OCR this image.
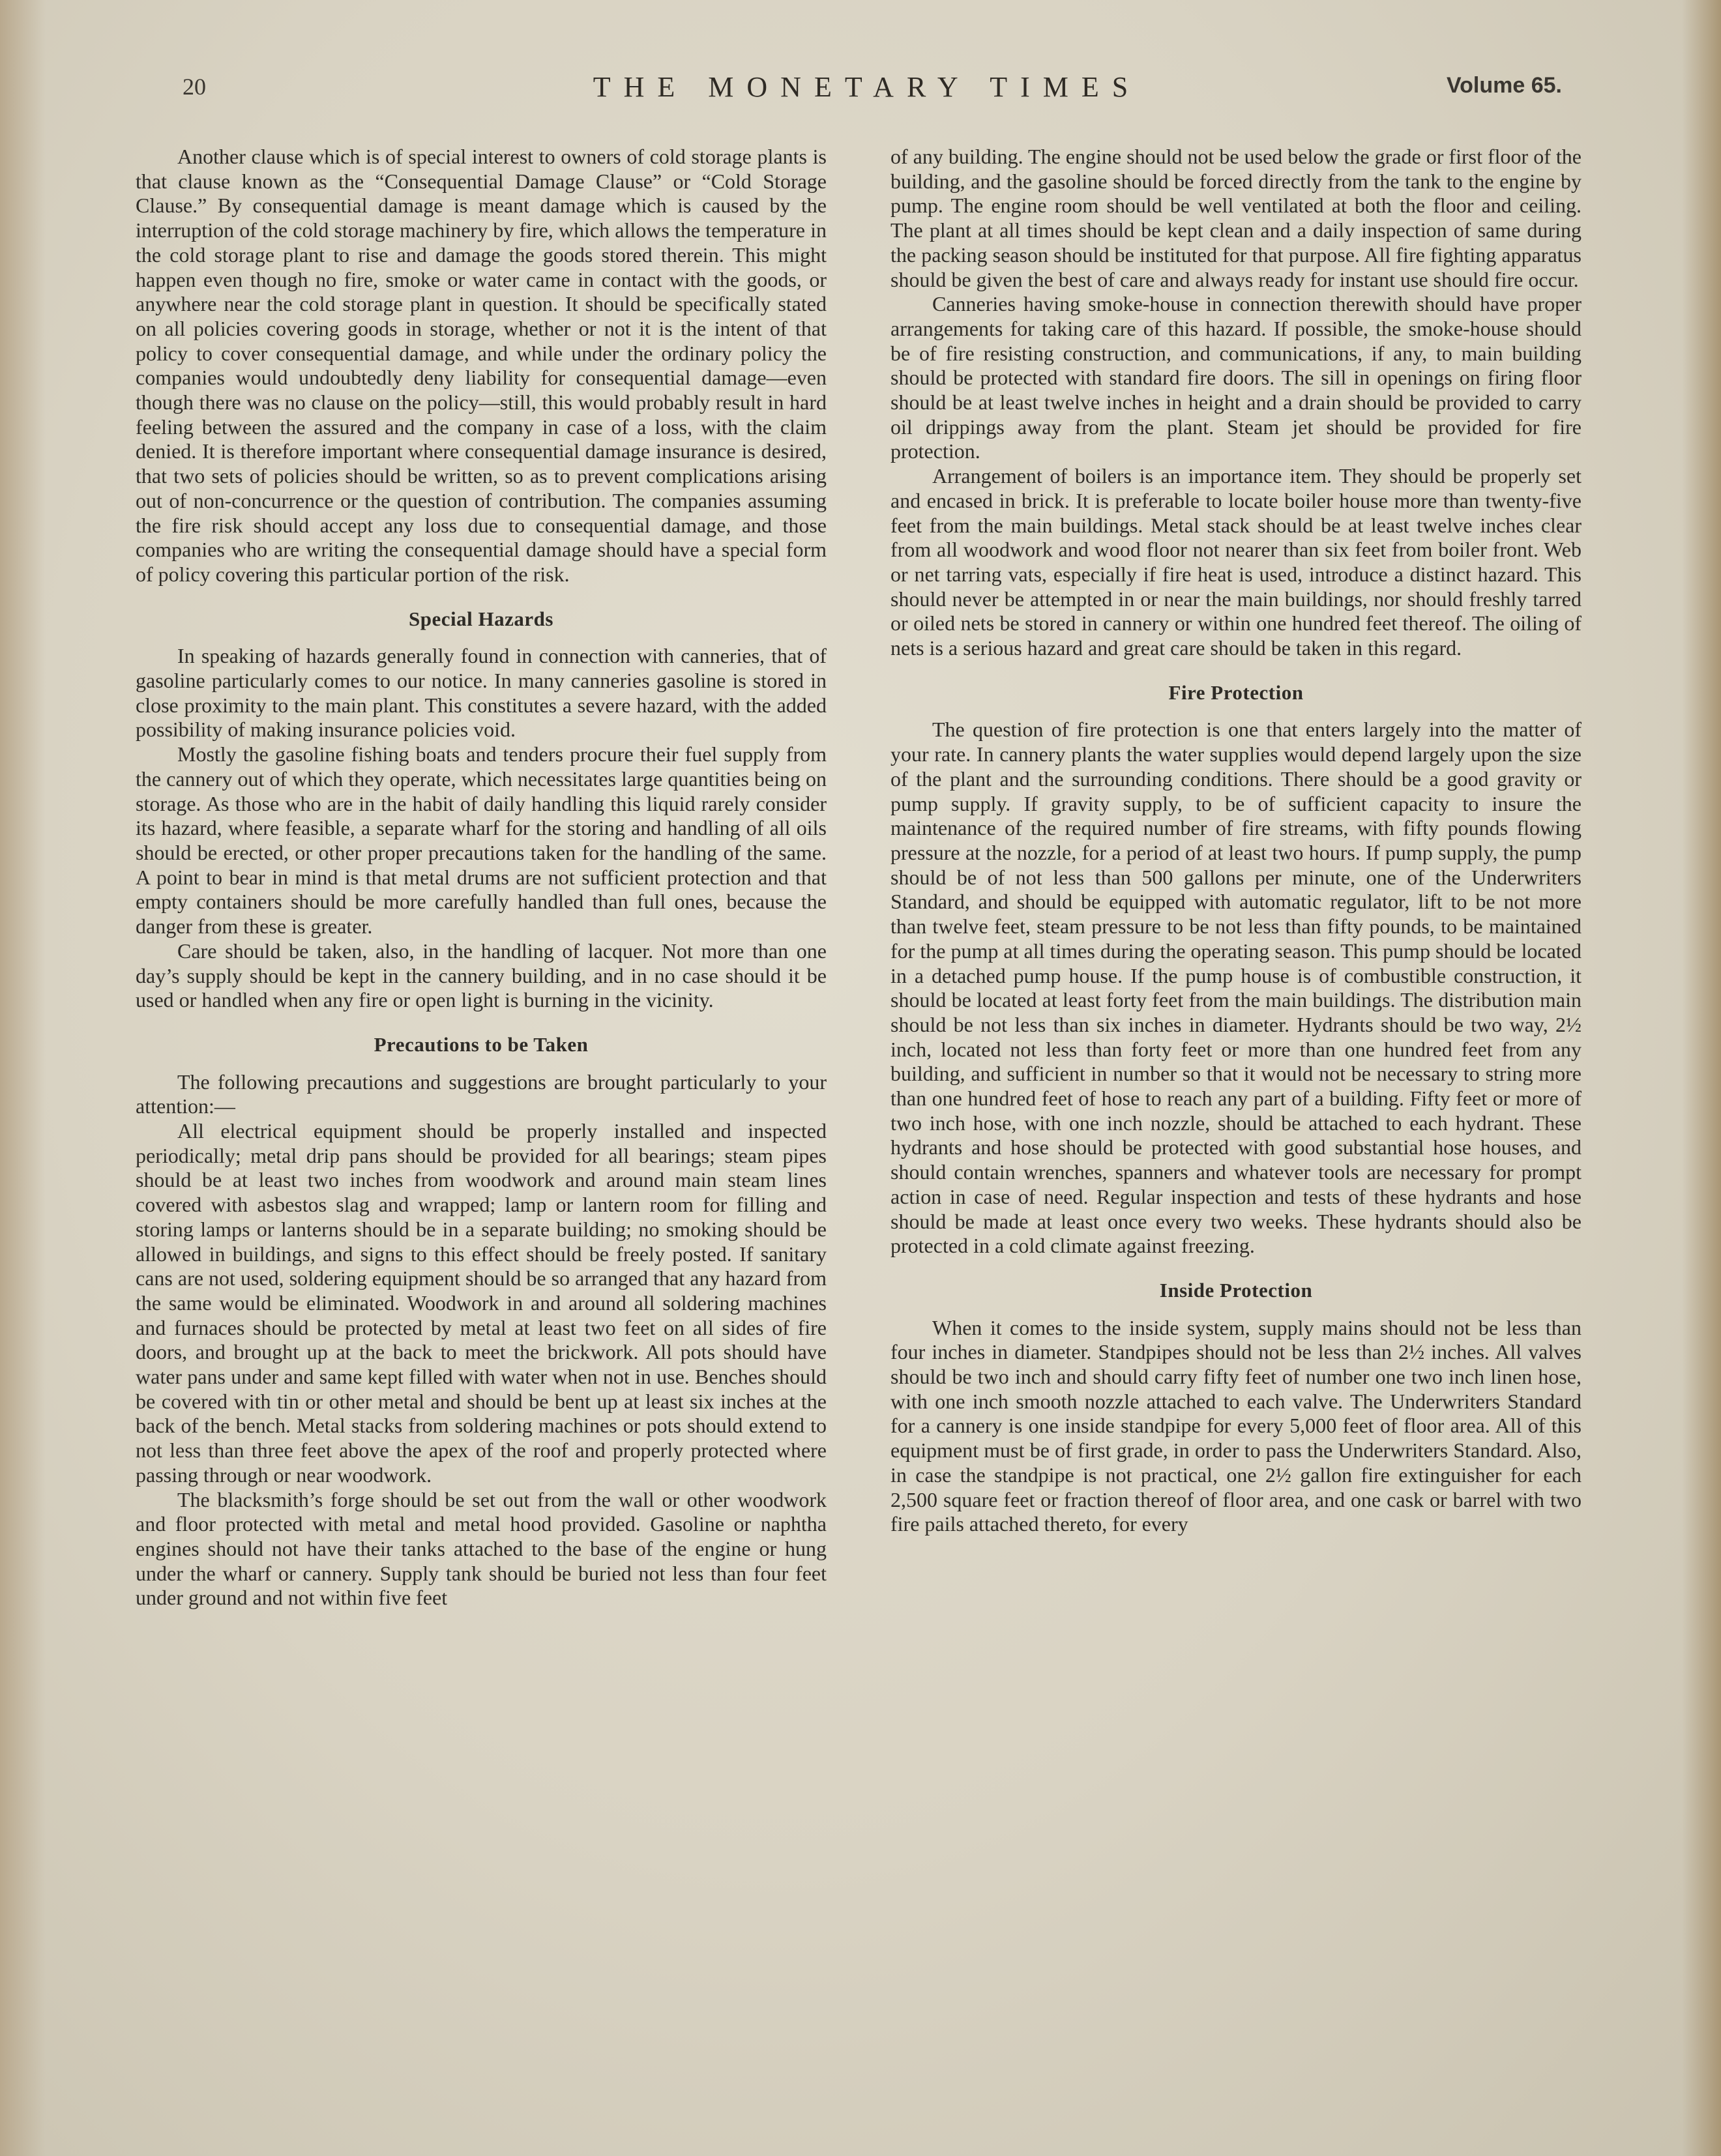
20	THE MONETARY TIMES	Volume 65.

Another clause which is of special interest to owners of cold storage plants is that clause known as the “Consequential Damage Clause” or “Cold Storage Clause.” By consequential damage is meant damage which is caused by the interruption of the cold storage machinery by fire, which allows the temperature in the cold storage plant to rise and damage the goods stored therein. This might happen even though no fire, smoke or water came in contact with the goods, or anywhere near the cold storage plant in question. It should be specifically stated on all policies covering goods in storage, whether or not it is the intent of that policy to cover consequential damage, and while under the ordinary policy the companies would undoubtedly deny liability for consequential damage—even though there was no clause on the policy—still, this would probably result in hard feeling between the assured and the company in case of a loss, with the claim denied. It is therefore important where consequential damage insurance is desired, that two sets of policies should be written, so as to prevent complications arising out of non-concurrence or the question of contribution. The companies assuming the fire risk should accept any loss due to consequential damage, and those companies who are writing the consequential damage should have a special form of policy covering this particular portion of the risk.

Special Hazards

In speaking of hazards generally found in connection with canneries, that of gasoline particularly comes to our notice. In many canneries gasoline is stored in close proximity to the main plant. This constitutes a severe hazard, with the added possibility of making insurance policies void.

Mostly the gasoline fishing boats and tenders procure their fuel supply from the cannery out of which they operate, which necessitates large quantities being on storage. As those who are in the habit of daily handling this liquid rarely consider its hazard, where feasible, a separate wharf for the storing and handling of all oils should be erected, or other proper precautions taken for the handling of the same. A point to bear in mind is that metal drums are not sufficient protection and that empty containers should be more carefully handled than full ones, because the danger from these is greater.

Care should be taken, also, in the handling of lacquer. Not more than one day’s supply should be kept in the cannery building, and in no case should it be used or handled when any fire or open light is burning in the vicinity.

Precautions to be Taken

The following precautions and suggestions are brought particularly to your attention:—

All electrical equipment should be properly installed and inspected periodically; metal drip pans should be provided for all bearings; steam pipes should be at least two inches from woodwork and around main steam lines covered with asbestos slag and wrapped; lamp or lantern room for filling and storing lamps or lanterns should be in a separate building; no smoking should be allowed in buildings, and signs to this effect should be freely posted. If sanitary cans are not used, soldering equipment should be so arranged that any hazard from the same would be eliminated. Woodwork in and around all soldering machines and furnaces should be protected by metal at least two feet on all sides of fire doors, and brought up at the back to meet the brickwork. All pots should have water pans under and same kept filled with water when not in use. Benches should be covered with tin or other metal and should be bent up at least six inches at the back of the bench. Metal stacks from soldering machines or pots should extend to not less than three feet above the apex of the roof and properly protected where passing through or near woodwork.

The blacksmith’s forge should be set out from the wall or other woodwork and floor protected with metal and metal hood provided. Gasoline or naphtha engines should not have their tanks attached to the base of the engine or hung under the wharf or cannery. Supply tank should be buried not less than four feet under ground and not within five feet

of any building. The engine should not be used below the grade or first floor of the building, and the gasoline should be forced directly from the tank to the engine by pump. The engine room should be well ventilated at both the floor and ceiling. The plant at all times should be kept clean and a daily inspection of same during the packing season should be instituted for that purpose. All fire fighting apparatus should be given the best of care and always ready for instant use should fire occur.

Canneries having smoke-house in connection therewith should have proper arrangements for taking care of this hazard. If possible, the smoke-house should be of fire resisting construction, and communications, if any, to main building should be protected with standard fire doors. The sill in openings on firing floor should be at least twelve inches in height and a drain should be provided to carry oil drippings away from the plant. Steam jet should be provided for fire protection.

Arrangement of boilers is an importance item. They should be properly set and encased in brick. It is preferable to locate boiler house more than twenty-five feet from the main buildings. Metal stack should be at least twelve inches clear from all woodwork and wood floor not nearer than six feet from boiler front. Web or net tarring vats, especially if fire heat is used, introduce a distinct hazard. This should never be attempted in or near the main buildings, nor should freshly tarred or oiled nets be stored in cannery or within one hundred feet thereof. The oiling of nets is a serious hazard and great care should be taken in this regard.

Fire Protection

The question of fire protection is one that enters largely into the matter of your rate. In cannery plants the water supplies would depend largely upon the size of the plant and the surrounding conditions. There should be a good gravity or pump supply. If gravity supply, to be of sufficient capacity to insure the maintenance of the required number of fire streams, with fifty pounds flowing pressure at the nozzle, for a period of at least two hours. If pump supply, the pump should be of not less than 500 gallons per minute, one of the Underwriters Standard, and should be equipped with automatic regulator, lift to be not more than twelve feet, steam pressure to be not less than fifty pounds, to be maintained for the pump at all times during the operating season. This pump should be located in a detached pump house. If the pump house is of combustible construction, it should be located at least forty feet from the main buildings. The distribution main should be not less than six inches in diameter. Hydrants should be two way, 2½ inch, located not less than forty feet or more than one hundred feet from any building, and sufficient in number so that it would not be necessary to string more than one hundred feet of hose to reach any part of a building. Fifty feet or more of two inch hose, with one inch nozzle, should be attached to each hydrant. These hydrants and hose should be protected with good substantial hose houses, and should contain wrenches, spanners and whatever tools are necessary for prompt action in case of need. Regular inspection and tests of these hydrants and hose should be made at least once every two weeks. These hydrants should also be protected in a cold climate against freezing.

Inside Protection

When it comes to the inside system, supply mains should not be less than four inches in diameter. Standpipes should not be less than 2½ inches. All valves should be two inch and should carry fifty feet of number one two inch linen hose, with one inch smooth nozzle attached to each valve. The Underwriters Standard for a cannery is one inside standpipe for every 5,000 feet of floor area. All of this equipment must be of first grade, in order to pass the Underwriters Standard. Also, in case the standpipe is not practical, one 2½ gallon fire extinguisher for each 2,500 square feet or fraction thereof of floor area, and one cask or barrel with two fire pails attached thereto, for every
